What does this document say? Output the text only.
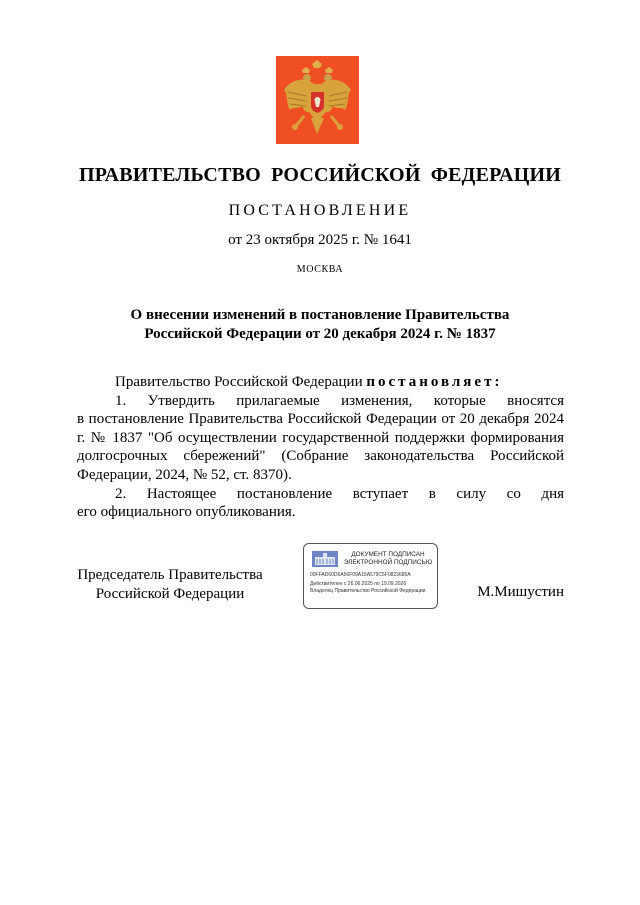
ПРАВИТЕЛЬСТВО РОССИЙСКОЙ ФЕДЕРАЦИИ
ПОСТАНОВЛЕНИЕ
от 23 октября 2025 г. № 1641
МОСКВА
О внесении изменений в постановление Правительства
Российской Федерации от 20 декабря 2024 г. № 1837

Правительство Российской Федерации постановляет:

1. Утвердить прилагаемые изменения, которые вносятся

в постановление Правительства Российской Федерации от 20 декабря 2024 г. № 1837 "Об осуществлении государственной поддержки формирования долгосрочных сбережений" (Собрание законодательства Российской Федерации, 2024, № 52, ст. 8370).

2. Настоящее постановление вступает в силу со дня

его официального опубликования.

Председатель Правительства
Российской Федерации
ДОКУМЕНТ ПОДПИСАН
ЭЛЕКТРОННОЙ ПОДПИСЬЮ
00FFAD60D6A56F09A15A579C5F0823685A
Действителен с 26.06.2025 по 19.09.2026
Владелец Правительство Российской Федерации	М.Мишустин
